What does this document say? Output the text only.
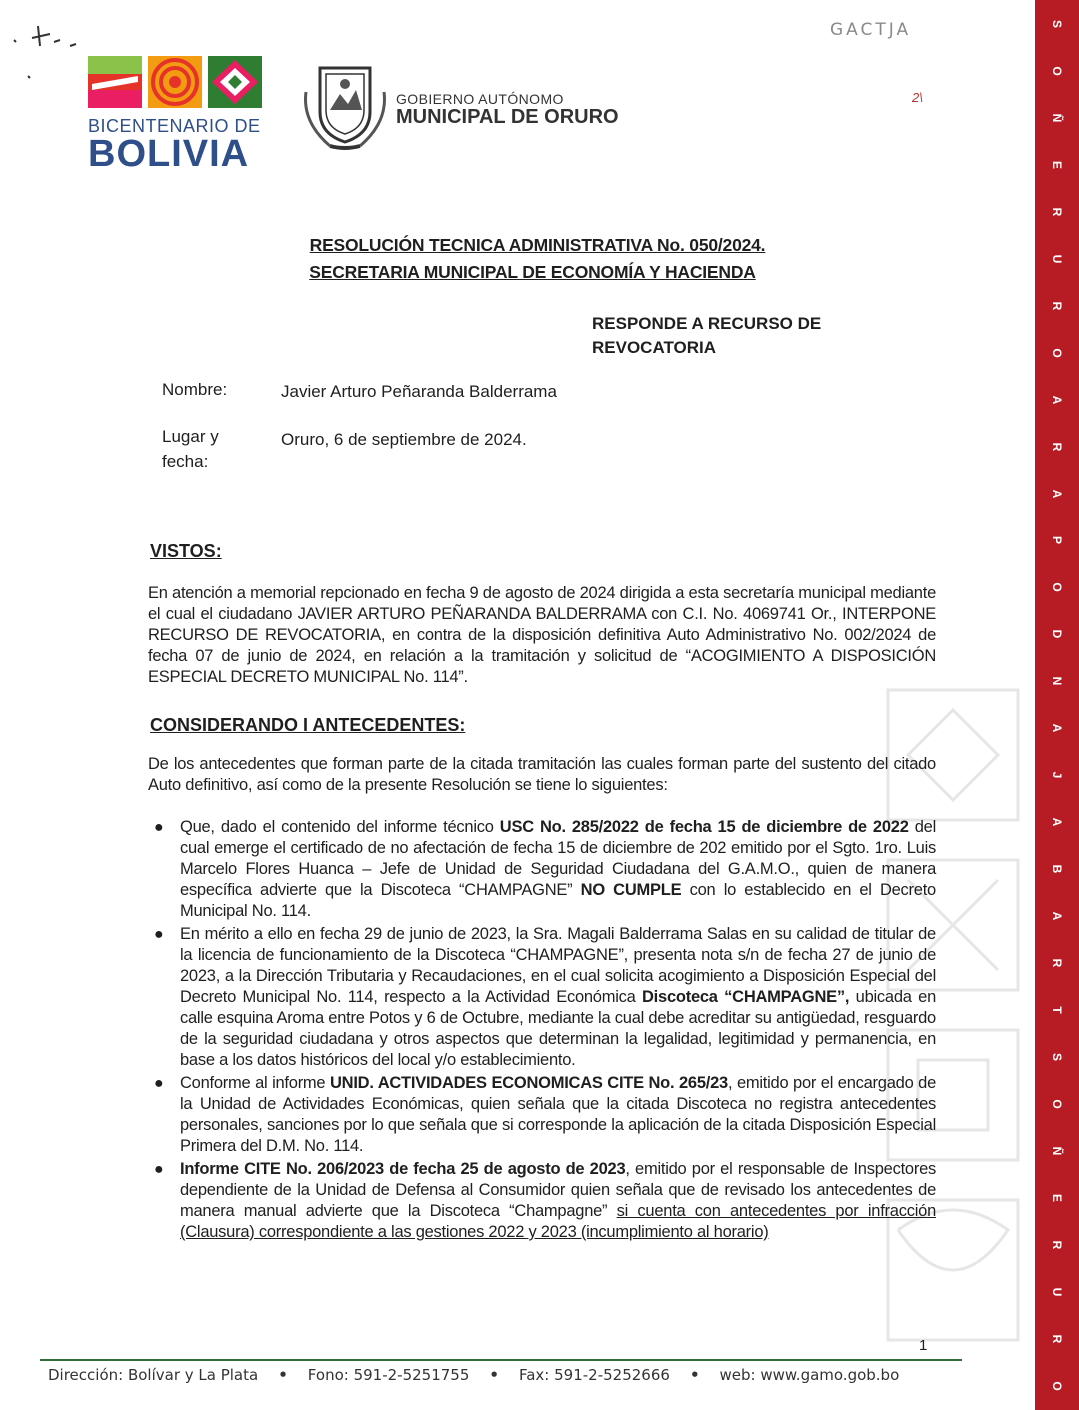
GACTJA
2\
BICENTENARIO DE
BOLIVIA
GOBIERNO AUTÓNOMO
MUNICIPAL DE ORURO
RESOLUCIÓN TECNICA ADMINISTRATIVA No. 050/2024.
SECRETARIA MUNICIPAL DE ECONOMÍA Y HACIENDA
RESPONDE A RECURSO DE
REVOCATORIA
Nombre:	Javier Arturo Peñaranda Balderrama
Lugar y
fecha:
Oruro, 6 de septiembre de 2024.
VISTOS:
En atención a memorial repcionado en fecha 9 de agosto de 2024 dirigida a esta secretaría municipal mediante el cual el ciudadano JAVIER ARTURO PEÑARANDA BALDERRAMA con C.I. No. 4069741 Or., INTERPONE RECURSO DE REVOCATORIA, en contra de la disposición definitiva Auto Administrativo No. 002/2024 de fecha 07 de junio de 2024, en relación a la tramitación y solicitud de “ACOGIMIENTO A DISPOSICIÓN ESPECIAL DECRETO MUNICIPAL No. 114”.
CONSIDERANDO I ANTECEDENTES:
De los antecedentes que forman parte de la citada tramitación las cuales forman parte del sustento del citado Auto definitivo, así como de la presente Resolución se tiene lo siguientes:
● Que, dado el contenido del informe técnico USC No. 285/2022 de fecha 15 de diciembre de 2022 del cual emerge el certificado de no afectación de fecha 15 de diciembre de 202 emitido por el Sgto. 1ro. Luis Marcelo Flores Huanca – Jefe de Unidad de Seguridad Ciudadana del G.A.M.O., quien de manera específica advierte que la Discoteca “CHAMPAGNE” NO CUMPLE con lo establecido en el Decreto Municipal No. 114.
● En mérito a ello en fecha 29 de junio de 2023, la Sra. Magali Balderrama Salas en su calidad de titular de la licencia de funcionamiento de la Discoteca “CHAMPAGNE”, presenta nota s/n de fecha 27 de junio de 2023, a la Dirección Tributaria y Recaudaciones, en el cual solicita acogimiento a Disposición Especial del Decreto Municipal No. 114, respecto a la Actividad Económica Discoteca “CHAMPAGNE”, ubicada en calle esquina Aroma entre Potos y 6 de Octubre, mediante la cual debe acreditar su antigüedad, resguardo de la seguridad ciudadana y otros aspectos que determinan la legalidad, legitimidad y permanencia, en base a los datos históricos del local y/o establecimiento.
● Conforme al informe UNID. ACTIVIDADES ECONOMICAS CITE No. 265/23, emitido por el encargado de la Unidad de Actividades Económicas, quien señala que la citada Discoteca no registra antecedentes personales, sanciones por lo que señala que si corresponde la aplicación de la citada Disposición Especial Primera del D.M. No. 114.
● Informe CITE No. 206/2023 de fecha 25 de agosto de 2023, emitido por el responsable de Inspectores dependiente de la Unidad de Defensa al Consumidor quien señala que de revisado los antecedentes de manera manual advierte que la Discoteca “Champagne” si cuenta con antecedentes por infracción (Clausura) correspondiente a las gestiones 2022 y 2023 (incumplimiento al horario)
1
Dirección: Bolívar y La Plata • Fono: 591-2-5251755 • Fax: 591-2-5252666 • web: www.gamo.gob.bo
S
O
Ñ
E
R
U
R
O
A
R
A
P
O
D
N
A
J
A
B
A
R
T
S
O
Ñ
E
R
U
R
O
